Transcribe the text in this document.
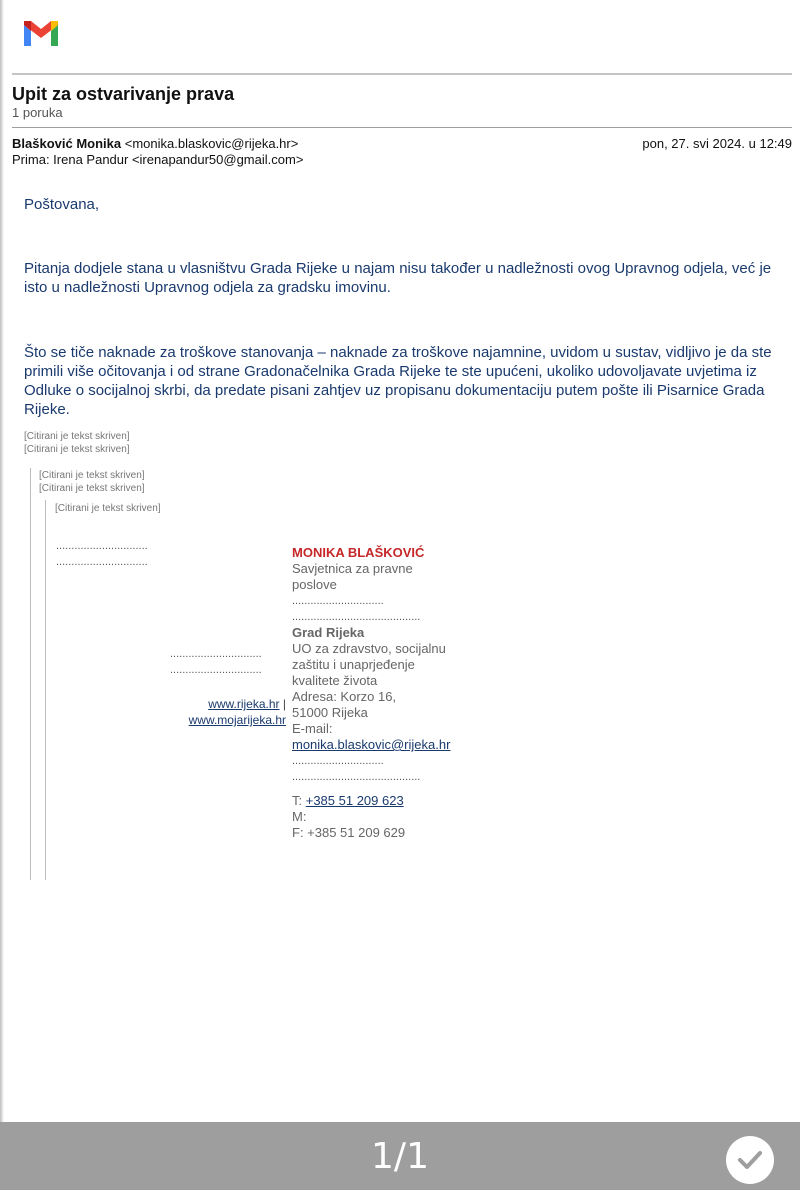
Upit za ostvarivanje prava
1 poruka
Blašković Monika <monika.blaskovic@rijeka.hr>	pon, 27. svi 2024. u 12:49
Prima: Irena Pandur <irenapandur50@gmail.com>
Poštovana,
Pitanja dodjele stana u vlasništvu Grada Rijeke u najam nisu također u nadležnosti ovog Upravnog odjela, već je isto u nadležnosti Upravnog odjela za gradsku imovinu.
Što se tiče naknade za troškove stanovanja – naknade za troškove najamnine, uvidom u sustav, vidljivo je da ste primili više očitovanja i od strane Gradonačelnika Grada Rijeke te ste upućeni, ukoliko udovoljavate uvjetima iz Odluke o socijalnoj skrbi, da predate pisani zahtjev uz propisanu dokumentaciju putem pošte ili Pisarnice Grada Rijeke.
[Citirani je tekst skriven]
[Citirani je tekst skriven]
[Citirani je tekst skriven]
[Citirani je tekst skriven]
[Citirani je tekst skriven]
..............................
..............................
..............................
..............................
www.rijeka.hr |
www.mojarijeka.hr
MONIKA BLAŠKOVIĆ
Savjetnica za pravne poslove
..............................
..........................................
Grad Rijeka
UO za zdravstvo, socijalnu zaštitu i unaprjeđenje kvalitete života
Adresa: Korzo 16, 51000 Rijeka
E-mail:
monika.blaskovic@rijeka.hr
..............................
..........................................
T: +385 51 209 623
M:
F: +385 51 209 629
1/1
